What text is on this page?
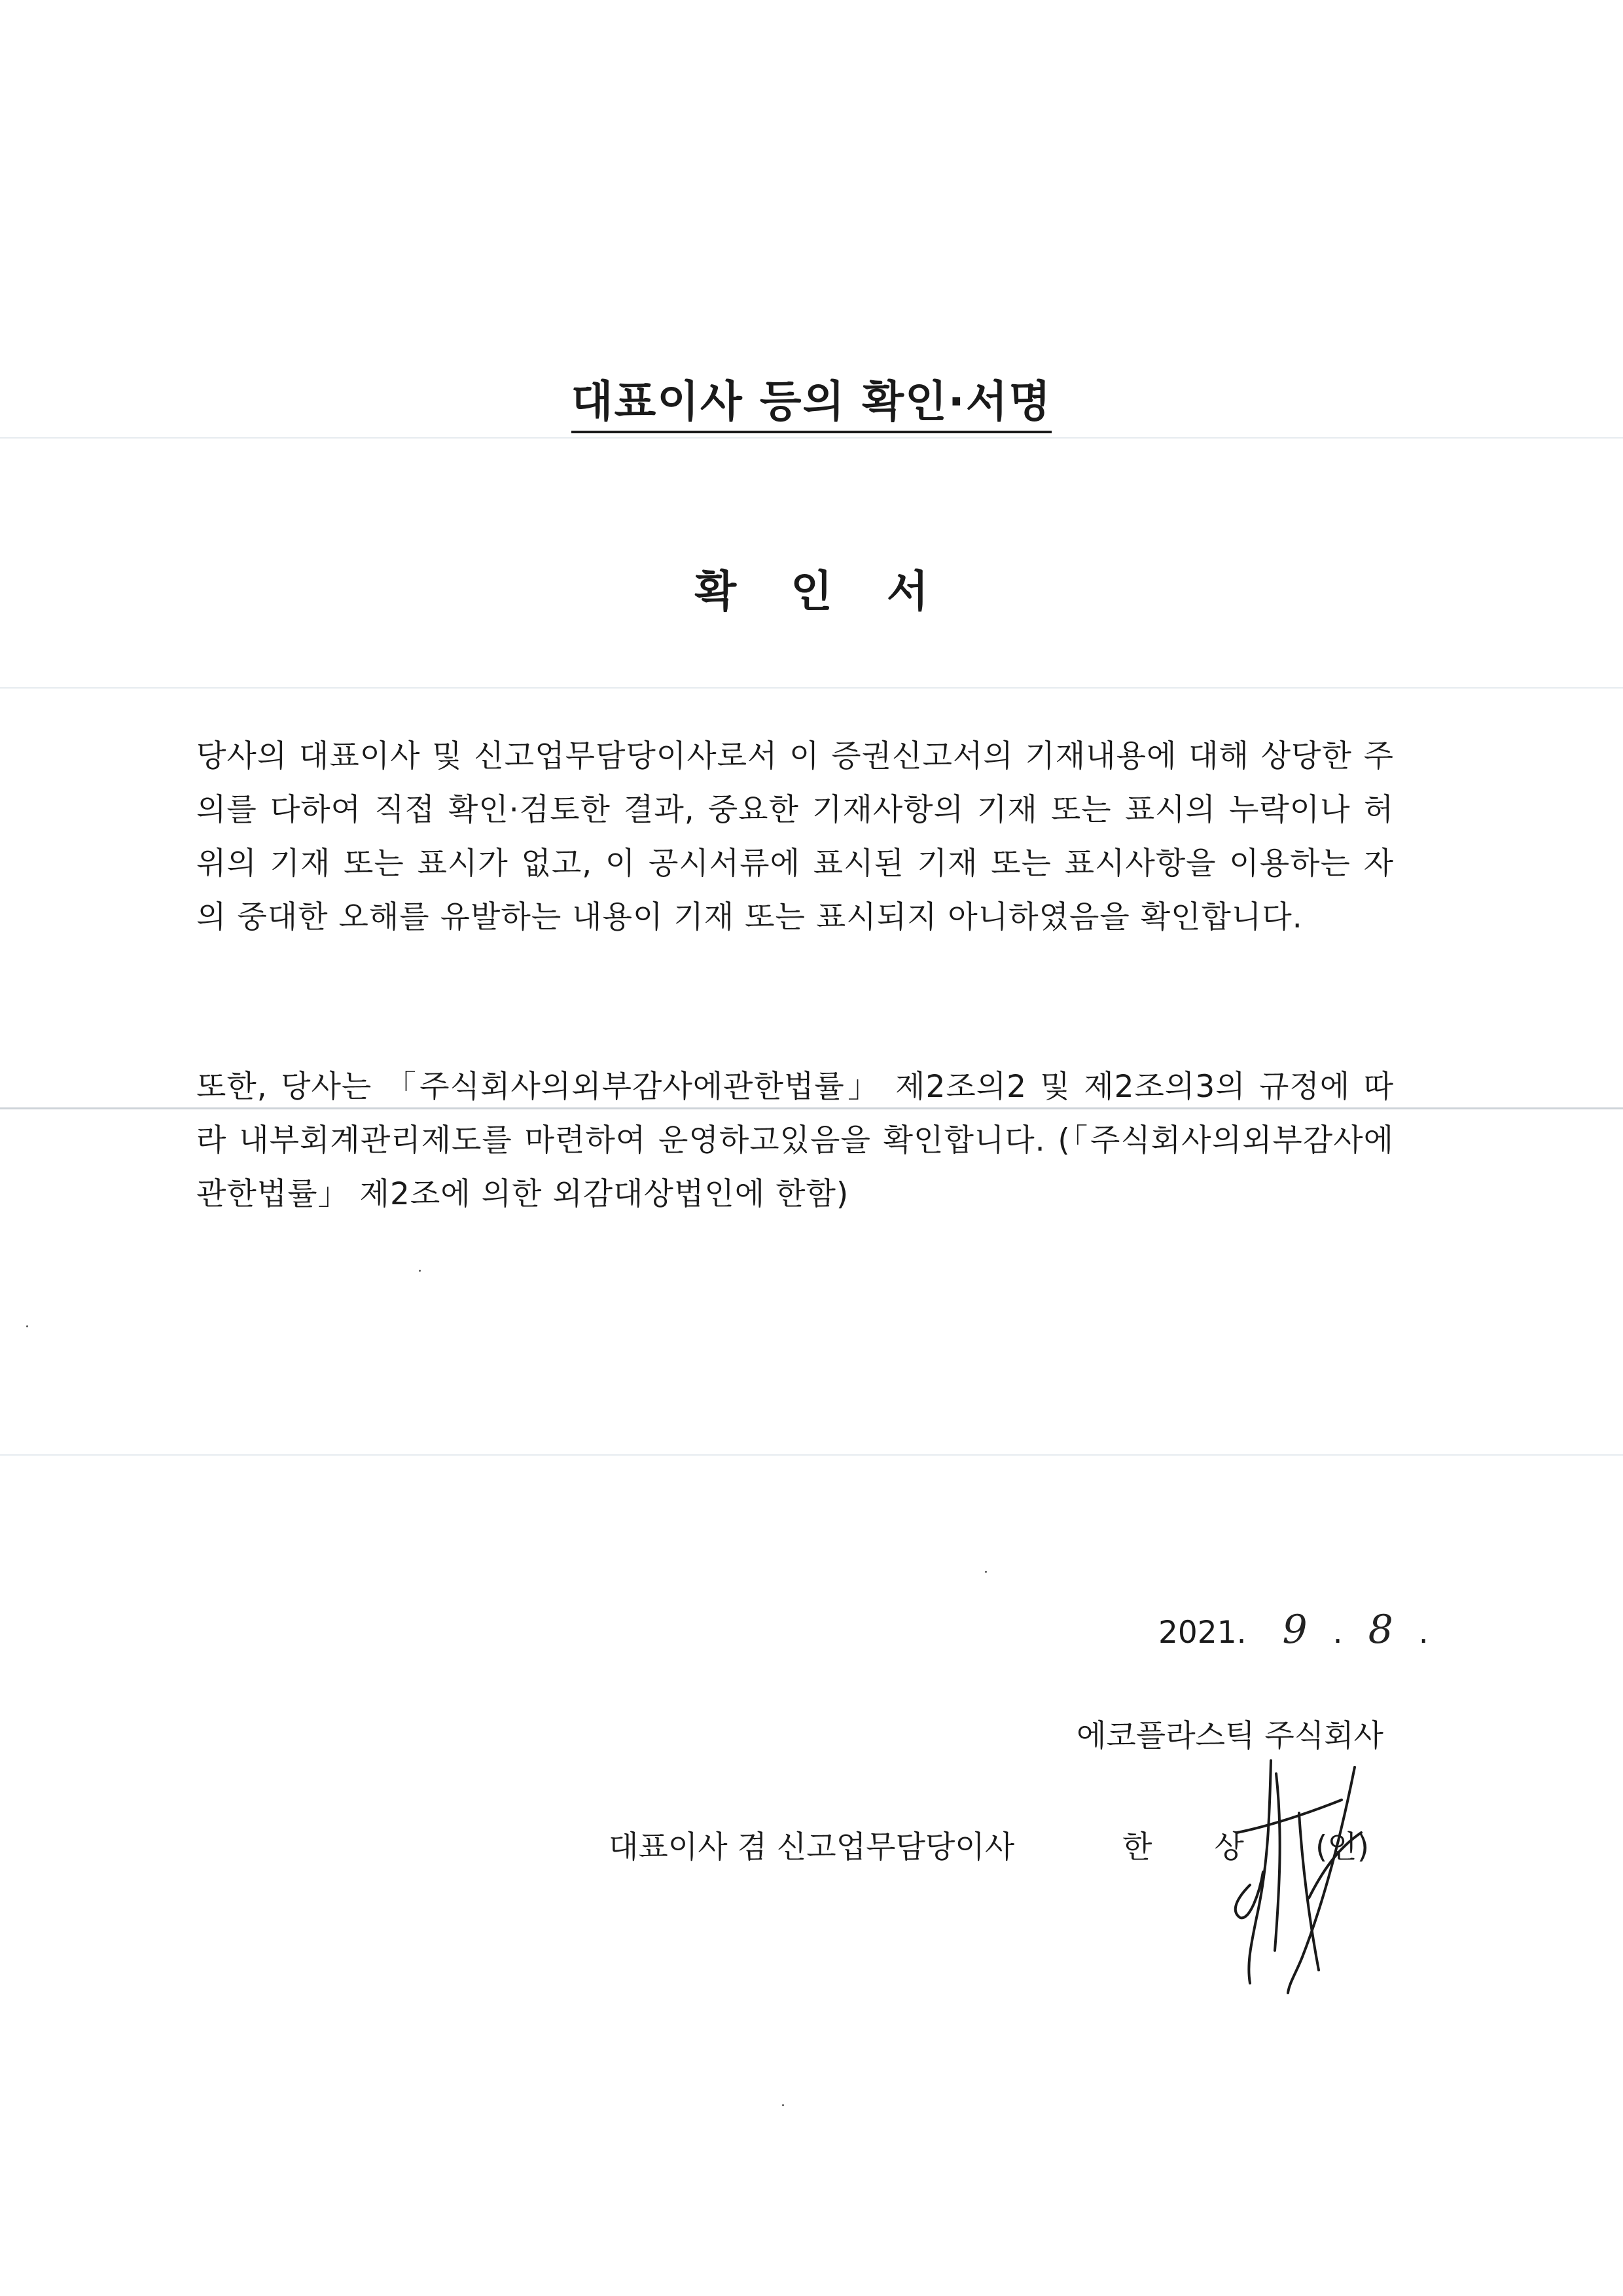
대표이사 등의 확인·서명
확 인 서
당사의 대표이사 및 신고업무담당이사로서 이 증권신고서의 기재내용에 대해 상당한 주의를 다하여 직접 확인·검토한 결과, 중요한 기재사항의 기재 또는 표시의 누락이나 허위의 기재 또는 표시가 없고, 이 공시서류에 표시된 기재 또는 표시사항을 이용하는 자의 중대한 오해를 유발하는 내용이 기재 또는 표시되지 아니하였음을 확인합니다.
또한, 당사는 「주식회사의외부감사에관한법률」 제2조의2 및 제2조의3의 규정에 따라 내부회계관리제도를 마련하여 운영하고있음을 확인합니다. (「주식회사의외부감사에관한법률」 제2조에 의한 외감대상법인에 한함)
2021. 9 . 8 .
에코플라스틱 주식회사
대표이사 겸 신고업무담당이사	한 상 (인)
